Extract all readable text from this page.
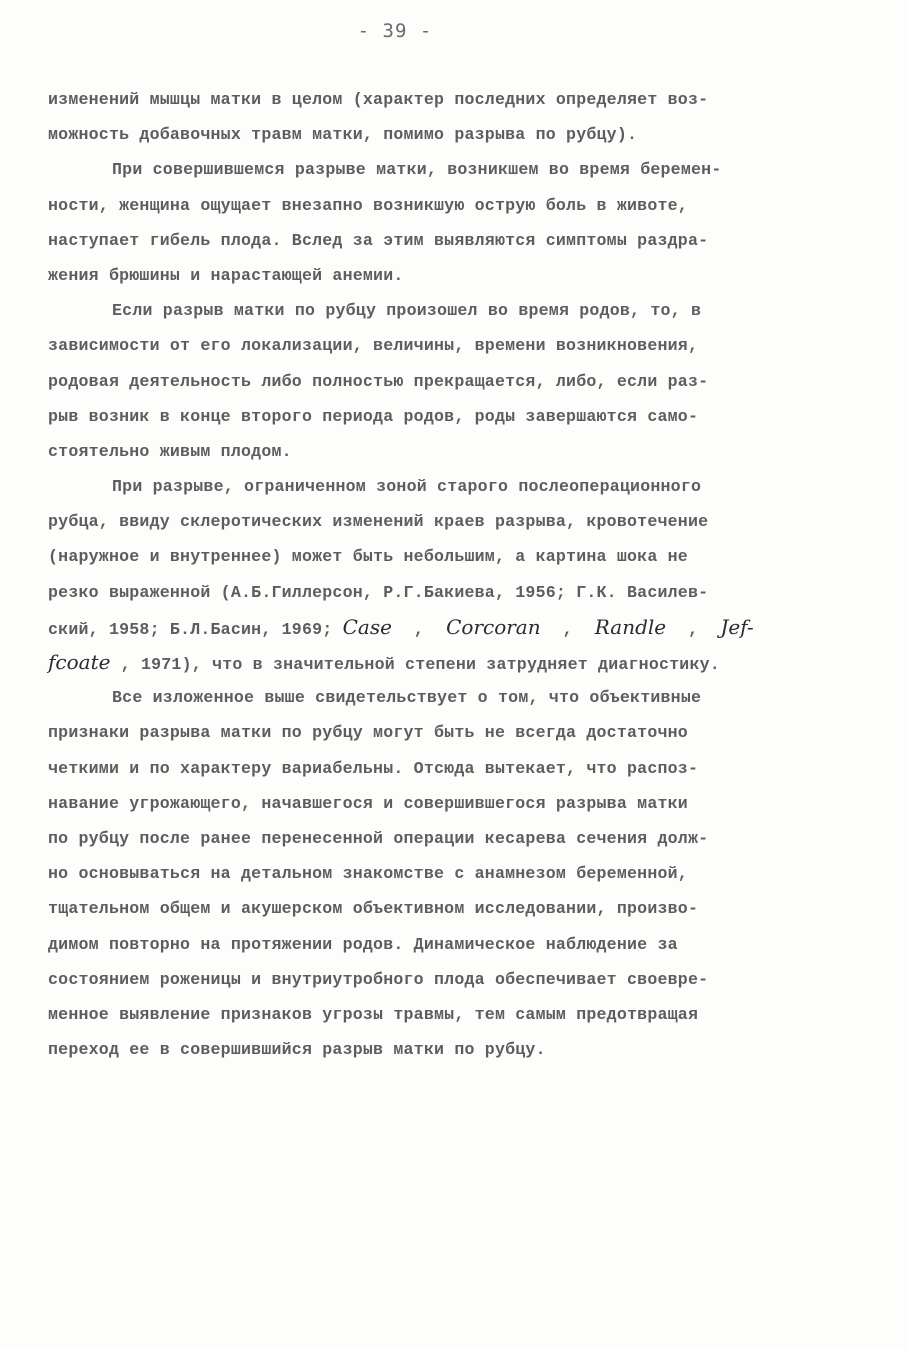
- 39 -
изменений мышцы матки в целом (характер последних определяет воз-
можность добавочных травм матки, помимо разрыва по рубцу).
При совершившемся разрыве матки, возникшем во время беремен-
ности, женщина ощущает внезапно возникшую острую боль в животе,
наступает гибель плода. Вслед за этим выявляются симптомы раздра-
жения брюшины и нарастающей анемии.
Если разрыв матки по рубцу произошел во время родов, то, в
зависимости от его локализации, величины, времени возникновения,
родовая деятельность либо полностью прекращается, либо, если раз-
рыв возник в конце второго периода родов, роды завершаются само-
стоятельно живым плодом.
При разрыве, ограниченном зоной старого послеоперационного
рубца, ввиду склеротических изменений краев разрыва, кровотечение
(наружное и внутреннее) может быть небольшим, а картина шока не
резко выраженной (А.Б.Гиллерсон, Р.Г.Бакиева, 1956; Г.К. Василев-
ский, 1958; Б.Л.Басин, 1969; Case , Corcoran , Randle , Jef-
fcoate , 1971), что в значительной степени затрудняет диагностику.
Все изложенное выше свидетельствует о том, что объективные
признаки разрыва матки по рубцу могут быть не всегда достаточно
четкими и по характеру вариабельны. Отсюда вытекает, что распоз-
навание угрожающего, начавшегося и совершившегося разрыва матки
по рубцу после ранее перенесенной операции кесарева сечения долж-
но основываться на детальном знакомстве с анамнезом беременной,
тщательном общем и акушерском объективном исследовании, произво-
димом повторно на протяжении родов. Динамическое наблюдение за
состоянием роженицы и внутриутробного плода обеспечивает своевре-
менное выявление признаков угрозы травмы, тем самым предотвращая
переход ее в совершившийся разрыв матки по рубцу.
